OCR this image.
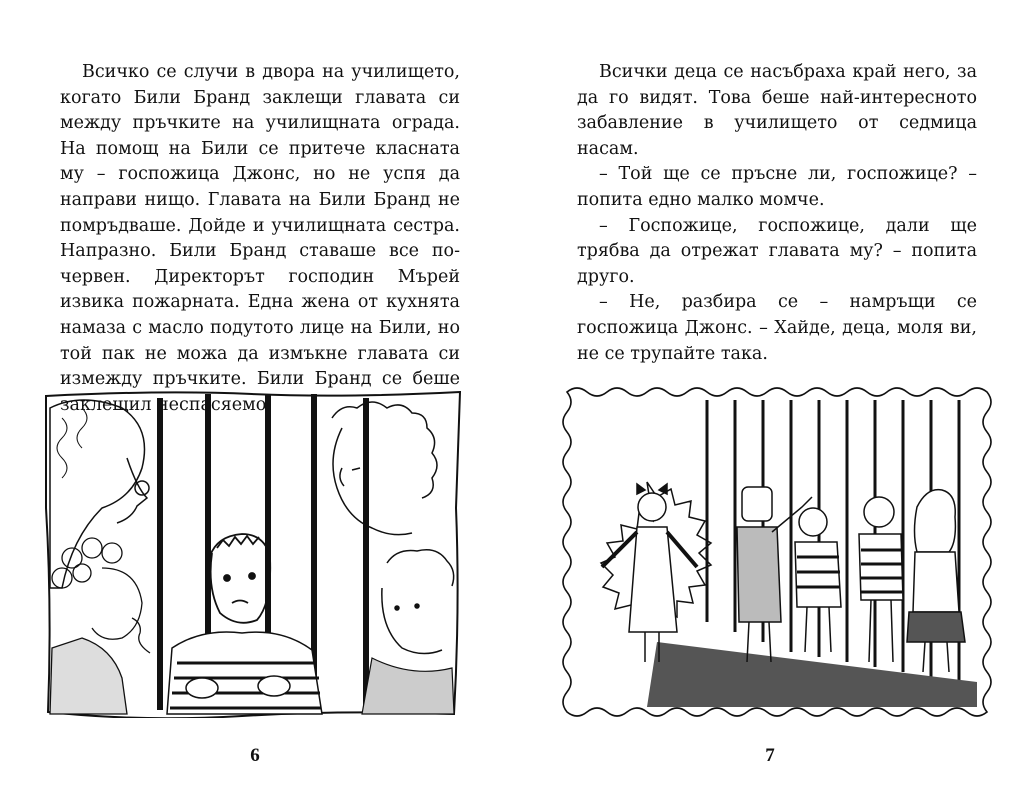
Всичко се случи в двора на училището, когато Били Бранд заклещи главата си между пръчките на училищната ограда. На помощ на Били се притече класната му – госпожица Джонс, но не успя да направи нищо. Главата на Били Бранд не помръдваше. Дойде и училищната сестра. Напразно. Били Бранд ставаше все по-червен. Директорът господин Мърей извика пожарната. Една жена от кухнята намаза с масло подутото лице на Били, но той пак не можа да измъкне главата си измежду пръчките. Били Бранд се беше заклещил неспасяемо.

6

Всички деца се насъбраха край него, за да го видят. Това беше най-интересното забавление в училището от седмица насам.

– Той ще се пръсне ли, госпожице? – попита едно малко момче.

– Госпожице, госпожице, дали ще трябва да отрежат главата му? – попита друго.

– Не, разбира се – намръщи се госпожица Джонс. – Хайде, деца, моля ви, не се трупайте така.

7
